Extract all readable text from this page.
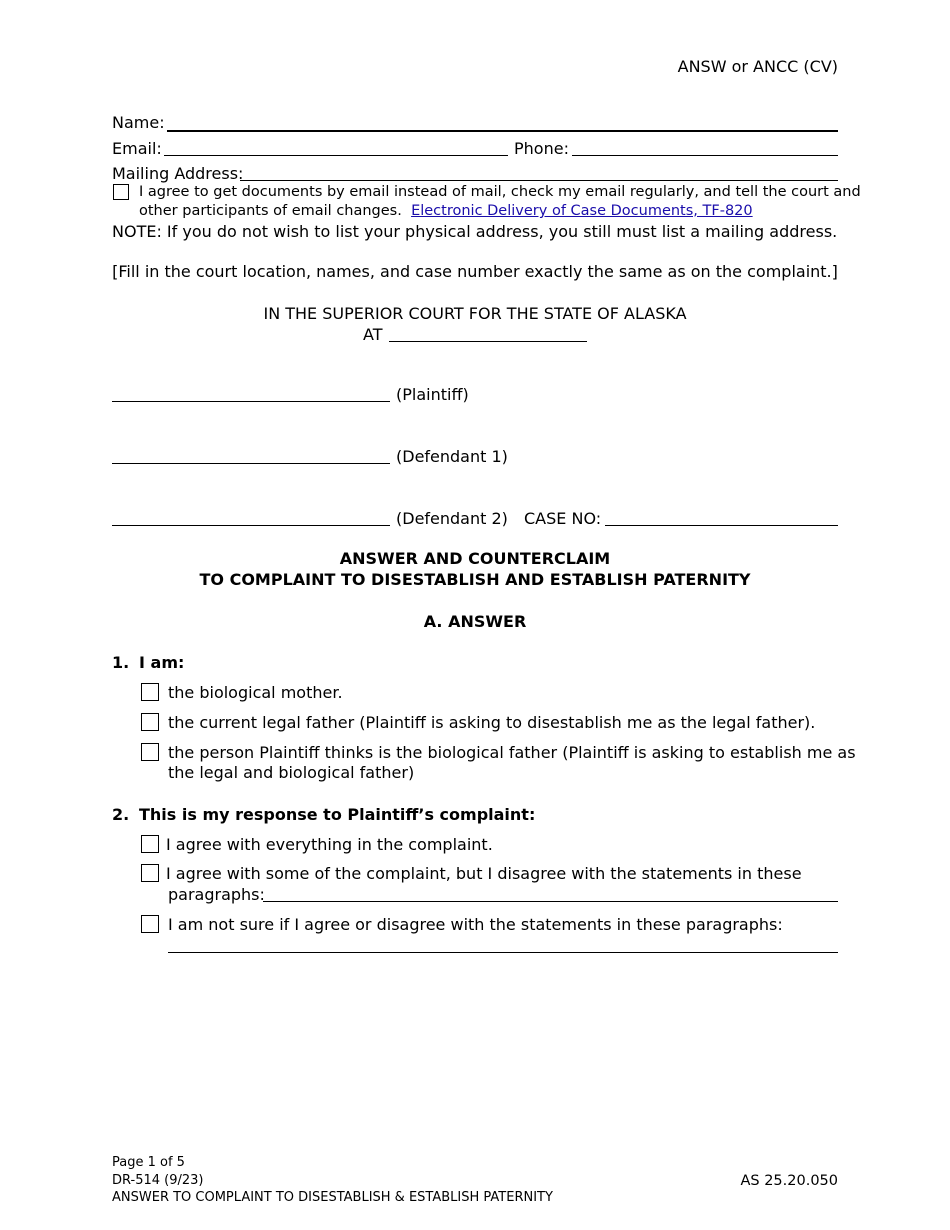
ANSW or ANCC (CV)
Name:
Email:	Phone:
Mailing Address:
I agree to get documents by email instead of mail, check my email regularly, and tell the court and
other participants of email changes. Electronic Delivery of Case Documents, TF-820
NOTE: If you do not wish to list your physical address, you still must list a mailing address.
[Fill in the court location, names, and case number exactly the same as on the complaint.]
IN THE SUPERIOR COURT FOR THE STATE OF ALASKA
AT
(Plaintiff)
(Defendant 1)
(Defendant 2) CASE NO:
ANSWER AND COUNTERCLAIM
TO COMPLAINT TO DISESTABLISH AND ESTABLISH PATERNITY
A. ANSWER
1. I am:
the biological mother.
the current legal father (Plaintiff is asking to disestablish me as the legal father).
the person Plaintiff thinks is the biological father (Plaintiff is asking to establish me as
the legal and biological father)
2. This is my response to Plaintiff’s complaint:
I agree with everything in the complaint.
I agree with some of the complaint, but I disagree with the statements in these
paragraphs:
I am not sure if I agree or disagree with the statements in these paragraphs:
Page 1 of 5
DR-514 (9/23)
ANSWER TO COMPLAINT TO DISESTABLISH & ESTABLISH PATERNITY
AS 25.20.050
